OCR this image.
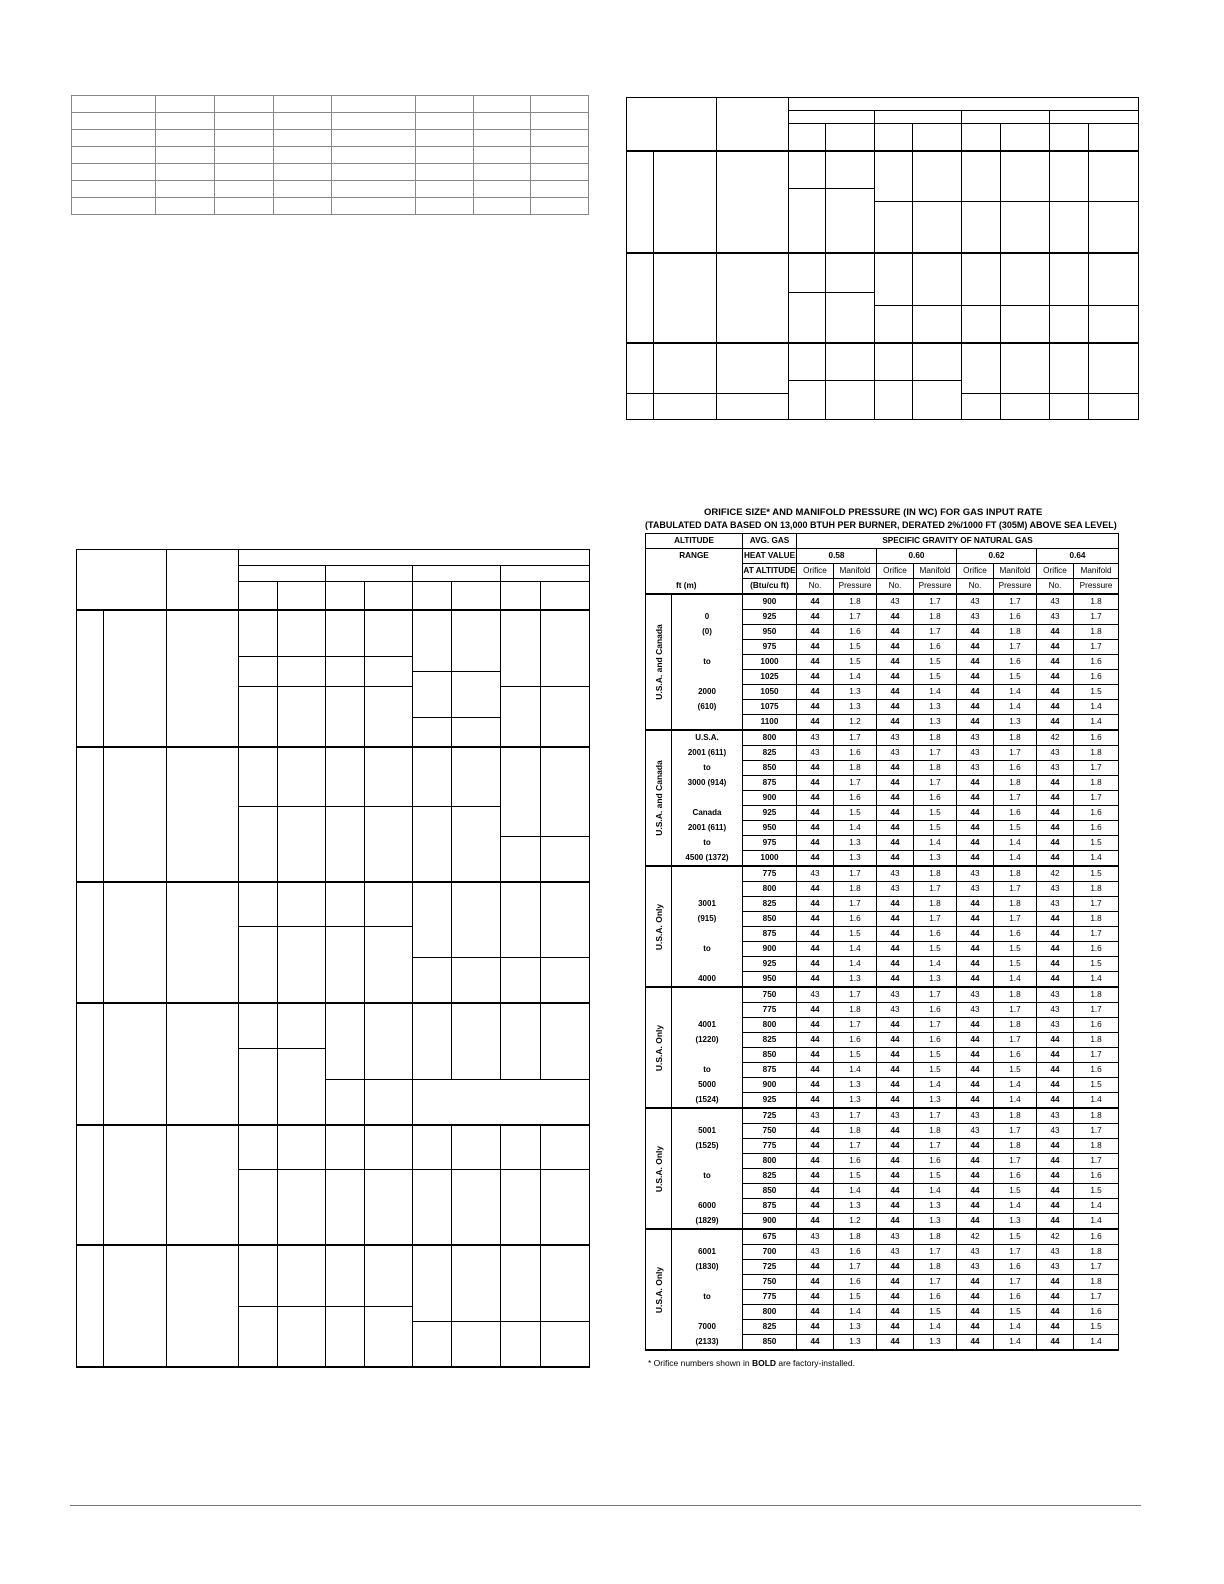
ORIFICE SIZE* AND MANIFOLD PRESSURE (IN WC) FOR GAS INPUT RATE
(TABULATED DATA BASED ON 13,000 BTUH PER BURNER, DERATED 2%/1000 FT (305M) ABOVE SEA LEVEL)
ALTITUDE		AVG. GAS	SPECIFIC GRAVITY OF NATURAL GAS							
RANGE		HEAT VALUE	0.58		0.60		0.62		0.64	
		AT ALTITUDE	Orifice	Manifold	Orifice	Manifold	Orifice	Manifold	Orifice	Manifold
ft (m)		(Btu/cu ft)	No.	Pressure	No.	Pressure	No.	Pressure	No.	Pressure

U.S.A. and Canada		900	44	1.8	43	1.7	43	1.7	43	1.8
	0	925	44	1.7	44	1.8	43	1.6	43	1.7
	(0)	950	44	1.6	44	1.7	44	1.8	44	1.8
		975	44	1.5	44	1.6	44	1.7	44	1.7
	to	1000	44	1.5	44	1.5	44	1.6	44	1.6
		1025	44	1.4	44	1.5	44	1.5	44	1.6
	2000	1050	44	1.3	44	1.4	44	1.4	44	1.5
	(610)	1075	44	1.3	44	1.3	44	1.4	44	1.4
		1100	44	1.2	44	1.3	44	1.3	44	1.4

U.S.A. and Canada	U.S.A.	800	43	1.7	43	1.8	43	1.8	42	1.6
	2001 (611)	825	43	1.6	43	1.7	43	1.7	43	1.8
	to	850	44	1.8	44	1.8	43	1.6	43	1.7
	3000 (914)	875	44	1.7	44	1.7	44	1.8	44	1.8
		900	44	1.6	44	1.6	44	1.7	44	1.7
	Canada	925	44	1.5	44	1.5	44	1.6	44	1.6
	2001 (611)	950	44	1.4	44	1.5	44	1.5	44	1.6
	to	975	44	1.3	44	1.4	44	1.4	44	1.5
	4500 (1372)	1000	44	1.3	44	1.3	44	1.4	44	1.4

U.S.A. Only		775	43	1.7	43	1.8	43	1.8	42	1.5
		800	44	1.8	43	1.7	43	1.7	43	1.8
	3001	825	44	1.7	44	1.8	44	1.8	43	1.7
	(915)	850	44	1.6	44	1.7	44	1.7	44	1.8
		875	44	1.5	44	1.6	44	1.6	44	1.7
	to	900	44	1.4	44	1.5	44	1.5	44	1.6
		925	44	1.4	44	1.4	44	1.5	44	1.5
	4000	950	44	1.3	44	1.3	44	1.4	44	1.4

U.S.A. Only		750	43	1.7	43	1.7	43	1.8	43	1.8
		775	44	1.8	43	1.6	43	1.7	43	1.7
	4001	800	44	1.7	44	1.7	44	1.8	43	1.6
	(1220)	825	44	1.6	44	1.6	44	1.7	44	1.8
		850	44	1.5	44	1.5	44	1.6	44	1.7
	to	875	44	1.4	44	1.5	44	1.5	44	1.6
	5000	900	44	1.3	44	1.4	44	1.4	44	1.5
	(1524)	925	44	1.3	44	1.3	44	1.4	44	1.4

U.S.A. Only		725	43	1.7	43	1.7	43	1.8	43	1.8
	5001	750	44	1.8	44	1.8	43	1.7	43	1.7
	(1525)	775	44	1.7	44	1.7	44	1.8	44	1.8
		800	44	1.6	44	1.6	44	1.7	44	1.7
	to	825	44	1.5	44	1.5	44	1.6	44	1.6
		850	44	1.4	44	1.4	44	1.5	44	1.5
	6000	875	44	1.3	44	1.3	44	1.4	44	1.4
	(1829)	900	44	1.2	44	1.3	44	1.3	44	1.4

U.S.A. Only		675	43	1.8	43	1.8	42	1.5	42	1.6
	6001	700	43	1.6	43	1.7	43	1.7	43	1.8
	(1830)	725	44	1.7	44	1.8	43	1.6	43	1.7
		750	44	1.6	44	1.7	44	1.7	44	1.8
	to	775	44	1.5	44	1.6	44	1.6	44	1.7
		800	44	1.4	44	1.5	44	1.5	44	1.6
	7000	825	44	1.3	44	1.4	44	1.4	44	1.5
	(2133)	850	44	1.3	44	1.3	44	1.4	44	1.4
* Orifice numbers shown in BOLD are factory-installed.
